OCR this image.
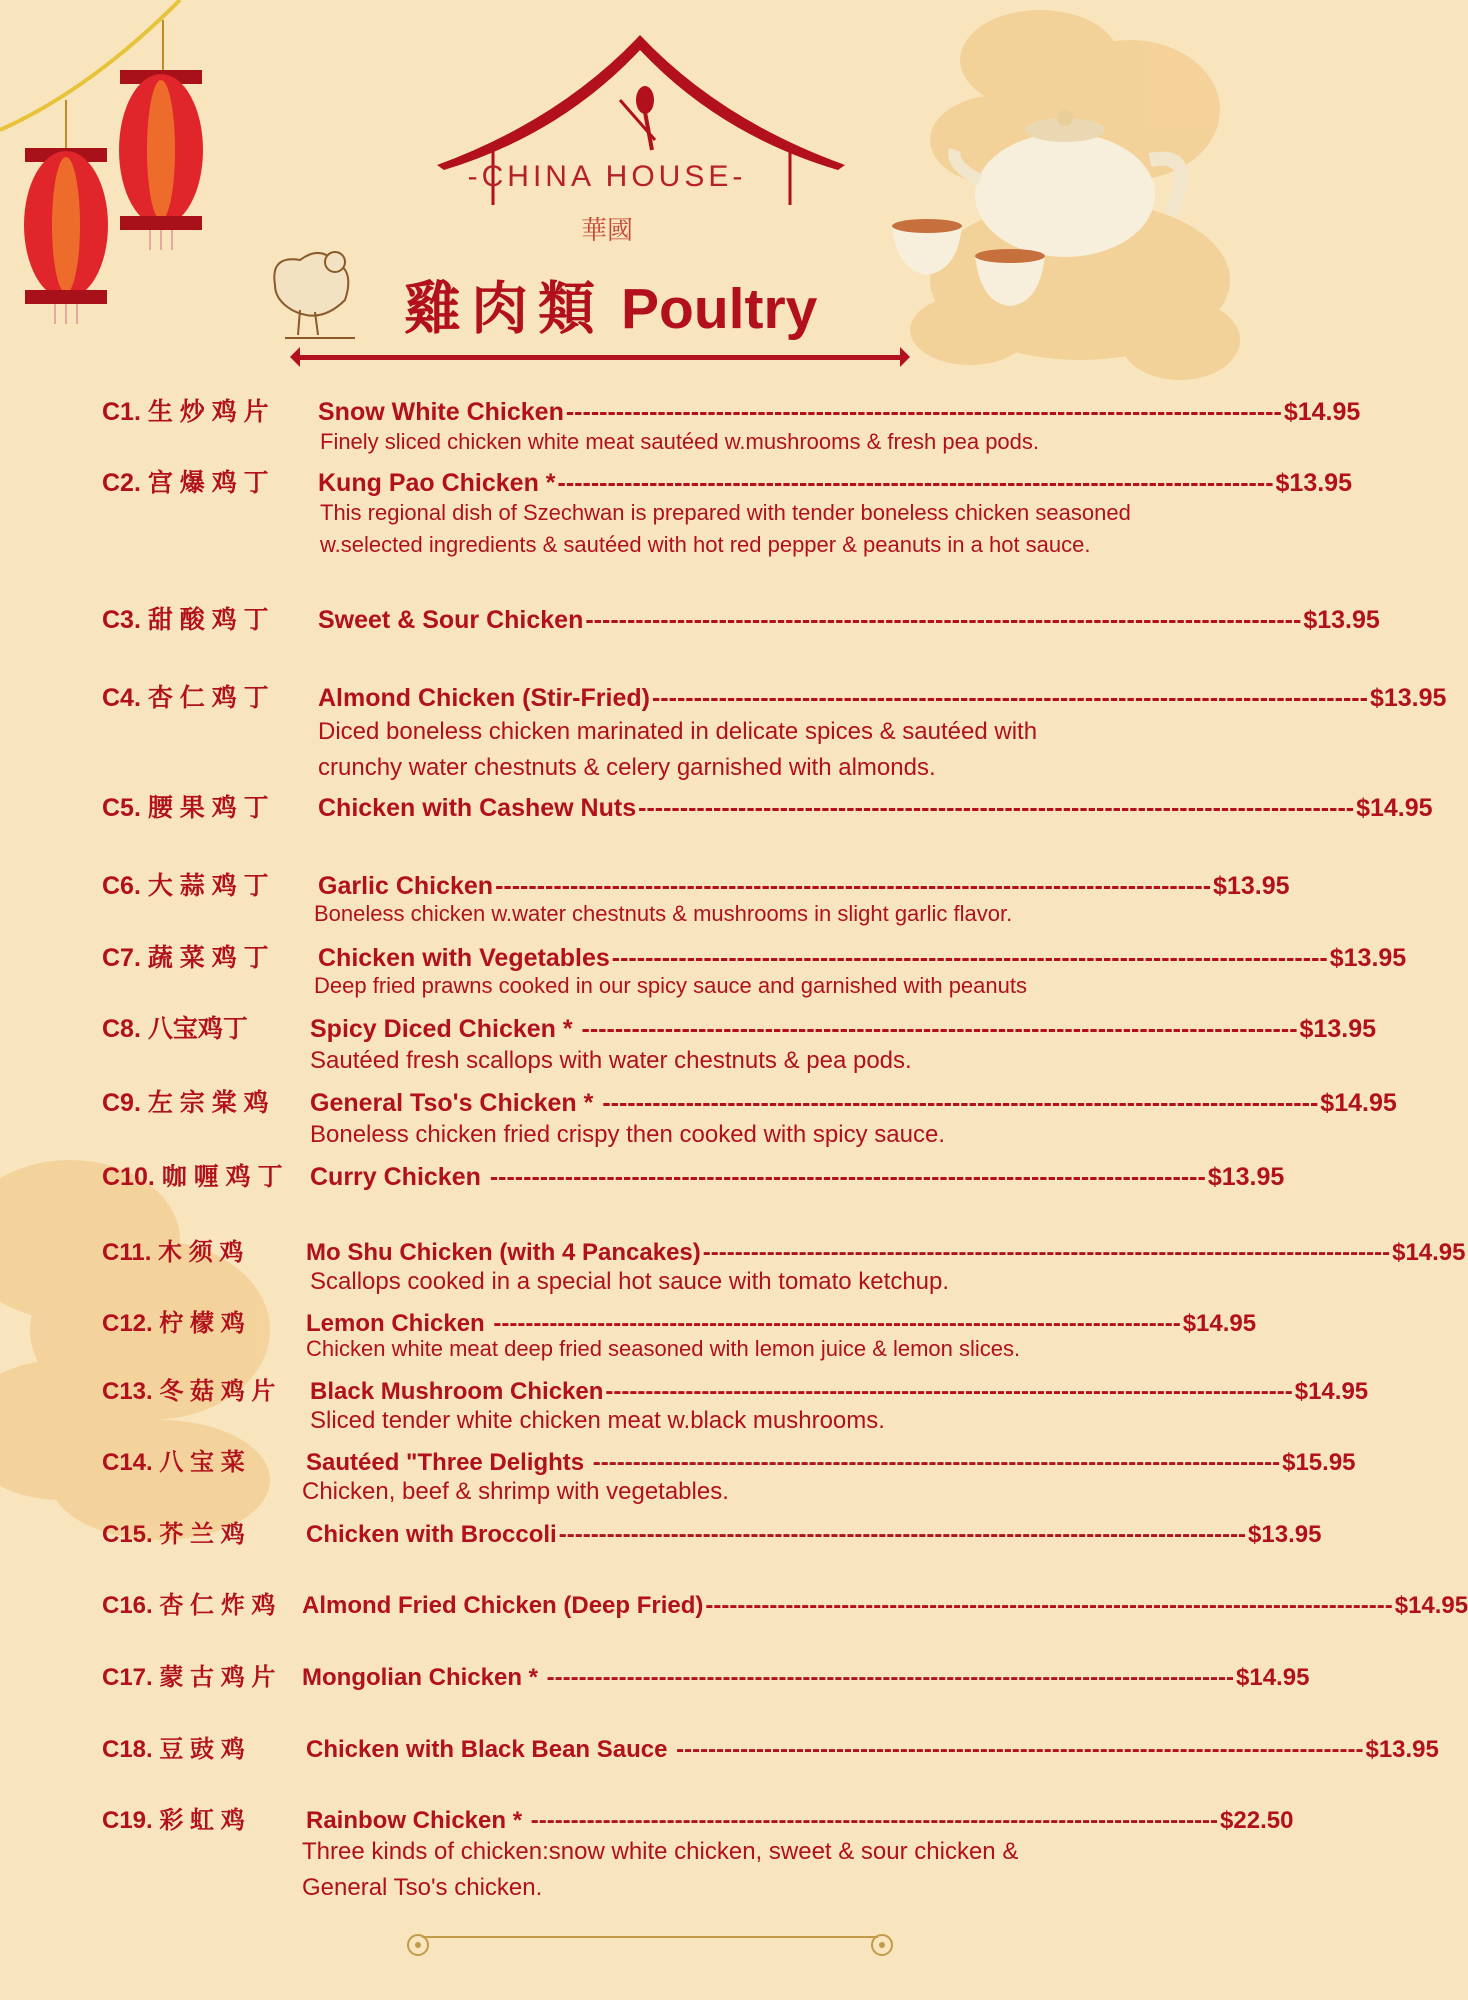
-CHINA HOUSE-
華國
雞肉類 Poultry
C1. 生 炒 鸡 片	Snow White Chicken -------------------------------------------------------------------------------------- $14.95
Finely sliced chicken white meat sautéed w.mushrooms & fresh pea pods.
C2. 宫 爆 鸡 丁	Kung Pao Chicken * -------------------------------------------------------------------------------------- $13.95
This regional dish of Szechwan is prepared with tender boneless chicken seasoned w.selected ingredients & sautéed with hot red pepper & peanuts in a hot sauce.
C3. 甜 酸 鸡 丁	Sweet & Sour Chicken -------------------------------------------------------------------------------------- $13.95
C4. 杏 仁 鸡 丁	Almond Chicken (Stir-Fried) -------------------------------------------------------------------------------------- $13.95
Diced boneless chicken marinated in delicate spices & sautéed with crunchy water chestnuts & celery garnished with almonds.
C5. 腰 果 鸡 丁	Chicken with Cashew Nuts -------------------------------------------------------------------------------------- $14.95
C6. 大 蒜 鸡 丁	Garlic Chicken -------------------------------------------------------------------------------------- $13.95
Boneless chicken w.water chestnuts & mushrooms in slight garlic flavor.
C7. 蔬 菜 鸡 丁	Chicken with Vegetables -------------------------------------------------------------------------------------- $13.95
Deep fried prawns cooked in our spicy sauce and garnished with peanuts
C8. 八宝鸡丁	Spicy Diced Chicken * -------------------------------------------------------------------------------------- $13.95
Sautéed fresh scallops with water chestnuts & pea pods.
C9. 左 宗 棠 鸡	General Tso's Chicken * -------------------------------------------------------------------------------------- $14.95
Boneless chicken fried crispy then cooked with spicy sauce.
C10. 咖 喱 鸡 丁	Curry Chicken -------------------------------------------------------------------------------------- $13.95
C11. 木 须 鸡	Mo Shu Chicken (with 4 Pancakes) -------------------------------------------------------------------------------------- $14.95
Scallops cooked in a special hot sauce with tomato ketchup.
C12. 柠 檬 鸡	Lemon Chicken -------------------------------------------------------------------------------------- $14.95
Chicken white meat deep fried seasoned with lemon juice & lemon slices.
C13. 冬 菇 鸡 片	Black Mushroom Chicken -------------------------------------------------------------------------------------- $14.95
Sliced tender white chicken meat w.black mushrooms.
C14. 八 宝 菜	Sautéed "Three Delights -------------------------------------------------------------------------------------- $15.95
Chicken, beef & shrimp with vegetables.
C15. 芥 兰 鸡	Chicken with Broccoli -------------------------------------------------------------------------------------- $13.95
C16. 杏 仁 炸 鸡	Almond Fried Chicken (Deep Fried) -------------------------------------------------------------------------------------- $14.95
C17. 蒙 古 鸡 片	Mongolian Chicken * -------------------------------------------------------------------------------------- $14.95
C18. 豆 豉 鸡	Chicken with Black Bean Sauce -------------------------------------------------------------------------------------- $13.95
C19. 彩 虹 鸡	Rainbow Chicken * -------------------------------------------------------------------------------------- $22.50
Three kinds of chicken:snow white chicken, sweet & sour chicken & General Tso's chicken.
